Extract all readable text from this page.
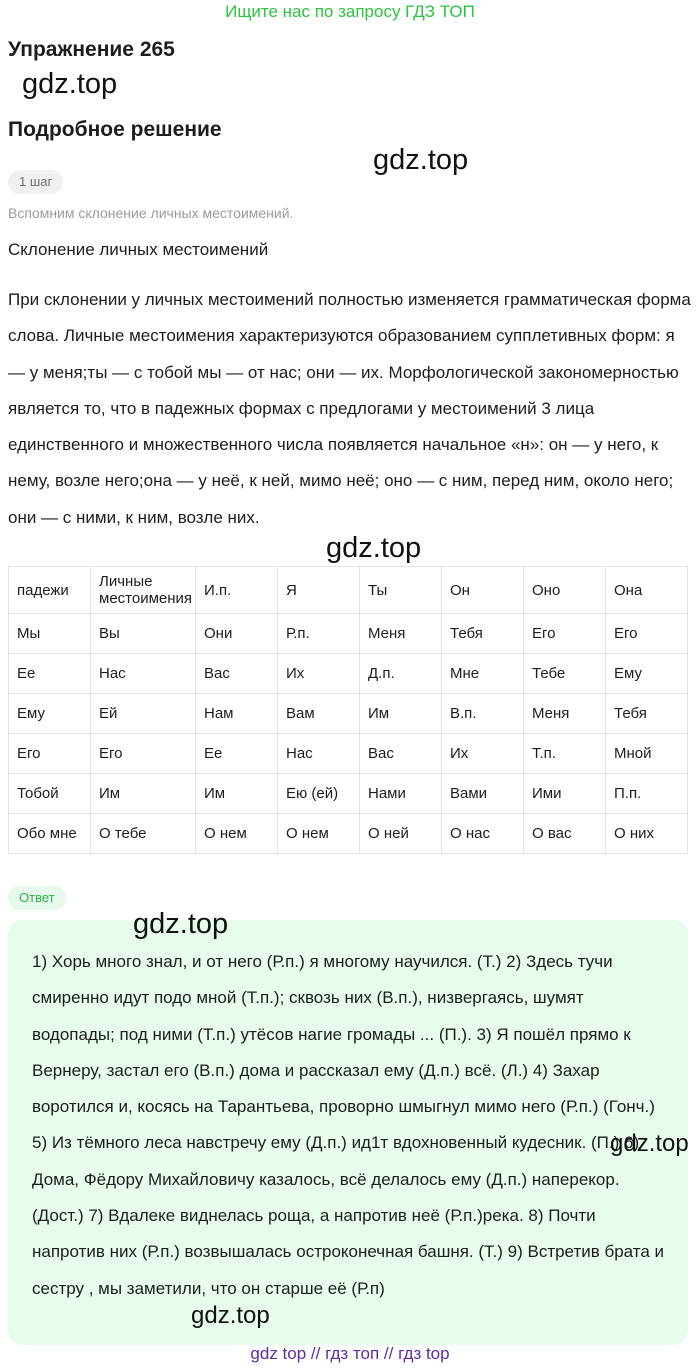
Ищите нас по запросу ГДЗ ТОП
Упражнение 265
gdz.top
Подробное решение
gdz.top
1 шаг
Вспомним склонение личных местоимений.
Склонение личных местоимений

При склонении у личных местоимений полностью изменяется грамматическая форма слова. Личные местоимения характеризуются образованием супплетивных форм: я — у меня;ты — с тобой мы — от нас; они — их. Морфологической закономерностью является то, что в падежных формах с предлогами у местоимений 3 лица единственного и множественного числа появляется начальное «н»: он — у него, к нему, возле него;она — у неё, к ней, мимо неё; оно — с ним, перед ним, около него; они — с ними, к ним, возле них.

падежи	Личные местоимения	И.п.	Я	Ты	Он	Оно	Она
Мы	Вы	Они	Р.п.	Меня	Тебя	Его	Его
Ее	Нас	Вас	Их	Д.п.	Мне	Тебе	Ему
Ему	Ей	Нам	Вам	Им	В.п.	Меня	Тебя
Его	Его	Ее	Нас	Вас	Их	Т.п.	Мной
Тобой	Им	Им	Ею (ей)	Нами	Вами	Ими	П.п.
Обо мне	О тебе	О нем	О нем	О ней	О нас	О вас	О них
gdz.top
Ответ

1) Хорь много знал, и от него (Р.п.) я многому научился. (Т.) 2) Здесь тучи смиренно идут подо мной (Т.п.); сквозь них (В.п.), низвергаясь, шумят водопады; под ними (Т.п.) утёсов нагие громады ... (П.). 3) Я пошёл прямо к Вернеру, застал его (В.п.) дома и рассказал ему (Д.п.) всё. (Л.) 4) Захар воротился и, косясь на Тарантьева, проворно шмыгнул мимо него (Р.п.) (Гонч.) 5) Из тёмного леса навстречу ему (Д.п.) ид1т вдохновенный кудесник. (П.) 6) Дома, Фёдору Михайловичу казалось, всё делалось ему (Д.п.) наперекор. (Дост.) 7) Вдалеке виднелась роща, а напротив неё (Р.п.)река. 8) Почти напротив них (Р.п.) возвышалась остроконечная башня. (Т.) 9) Встретив брата и сестру , мы заметили, что он старше её (Р.п)

gdz.top
gdz.top
gdz.top
gdz top // гдз топ // гдз top
